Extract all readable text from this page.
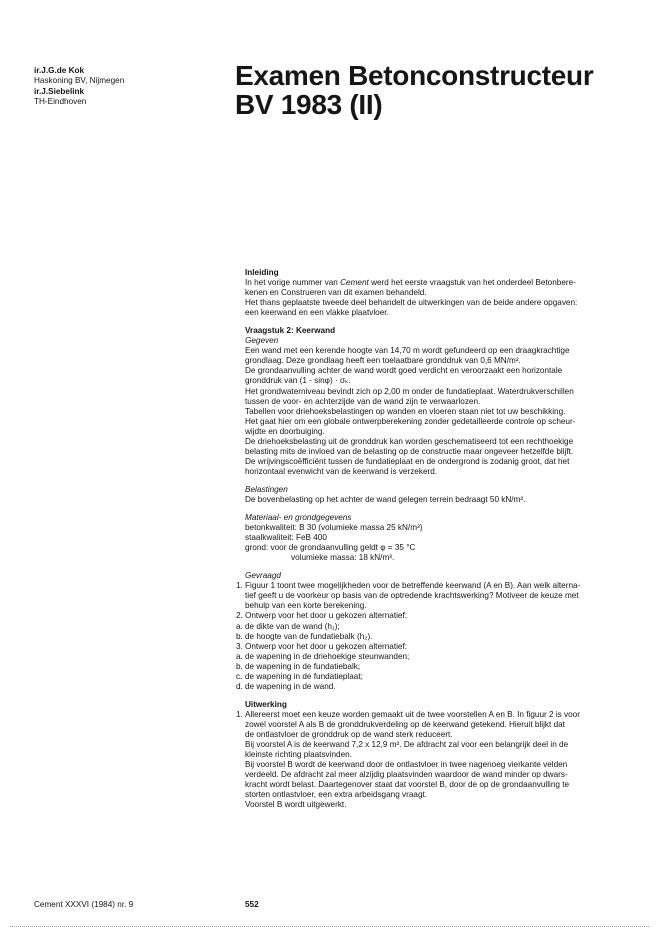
ir.J.G.de Kok
Haskoning BV, Nijmegen
ir.J.Siebelink
TH-Eindhoven
Examen Betonconstructeur
BV 1983 (II)

Inleiding

In het vorige nummer van Cement werd het eerste vraagstuk van het onderdeel Betonbere-

kenen en Construeren van dit examen behandeld.

Het thans geplaatste tweede deel behandelt de uitwerkingen van de beide andere opgaven:

een keerwand en een vlakke plaatvloer.

Vraagstuk 2: Keerwand

Gegeven

Een wand met een kerende hoogte van 14,70 m wordt gefundeerd op een draagkrachtige

grondlaag. Deze grondlaag heeft een toelaatbare gronddruk van 0,6 MN/m².

De grondaanvulling achter de wand wordt goed verdicht en veroorzaakt een horizontale

gronddruk van (1 - sinφ) · σₖ.

Het grondwaterniveau bevindt zich op 2,00 m onder de fundatieplaat. Waterdrukverschillen

tussen de voor- en achterzijde van de wand zijn te verwaarlozen.

Tabellen voor driehoeksbelastingen op wanden en vloeren staan niet tot uw beschikking.

Het gaat hier om een globale ontwerpberekening zonder gedetailleerde controle op scheur-

wijdte en doorbuiging.

De driehoeksbelasting uit de gronddruk kan worden geschematiseerd tot een rechthoekige

belasting mits de invloed van de belasting op de constructie maar ongeveer hetzelfde blijft.

De wrijvingscoëfficiënt tussen de fundatieplaat en de ondergrond is zodanig groot, dat het

horizontaal evenwicht van de keerwand is verzekerd.

Belastingen

De bovenbelasting op het achter de wand gelegen terrein bedraagt 50 kN/m².

Materiaal- en grondgegevens

betonkwaliteit: B 30 (volumieke massa 25 kN/m³)

staalkwaliteit: FeB 400

grond: voor de grondaanvulling geldt φ = 35 °C

volumieke massa: 18 kN/m³.

Gevraagd

1. Figuur 1 toont twee mogelijkheden voor de betreffende keerwand (A en B). Aan welk alterna-

tief geeft u de voorkeur op basis van de optredende krachtswerking? Motiveer de keuze met

behulp van een korte berekening.

2. Ontwerp voor het door u gekozen alternatief:

a. de dikte van de wand (h₁);

b. de hoogte van de fundatiebalk (h₂).

3. Ontwerp voor het door u gekozen alternatief:

a. de wapening in de driehoekige steunwanden;

b. de wapening in de fundatiebalk;

c. de wapening in de fundatieplaat;

d. de wapening in de wand.

Uitwerking

1. Allereerst moet een keuze worden gemaakt uit de twee voorstellen A en B. In figuur 2 is voor

zowel voorstel A als B de gronddrukverdeling op de keerwand getekend. Hieruit blijkt dat

de ontlastvloer de gronddruk op de wand sterk reduceert.

Bij voorstel A is de keerwand 7,2 x 12,9 m². De afdracht zal voor een belangrijk deel in de

kleinste richting plaatsvinden.

Bij voorstel B wordt de keerwand door de ontlastvloer in twee nagenoeg vierkante velden

verdeeld. De afdracht zal meer alzijdig plaatsvinden waardoor de wand minder op dwars-

kracht wordt belast. Daartegenover staat dat voorstel B, door de op de grondaanvulling te

storten ontlastvloer, een extra arbeidsgang vraagt.

Voorstel B wordt uitgewerkt.

Cement XXXVI (1984) nr. 9	552
